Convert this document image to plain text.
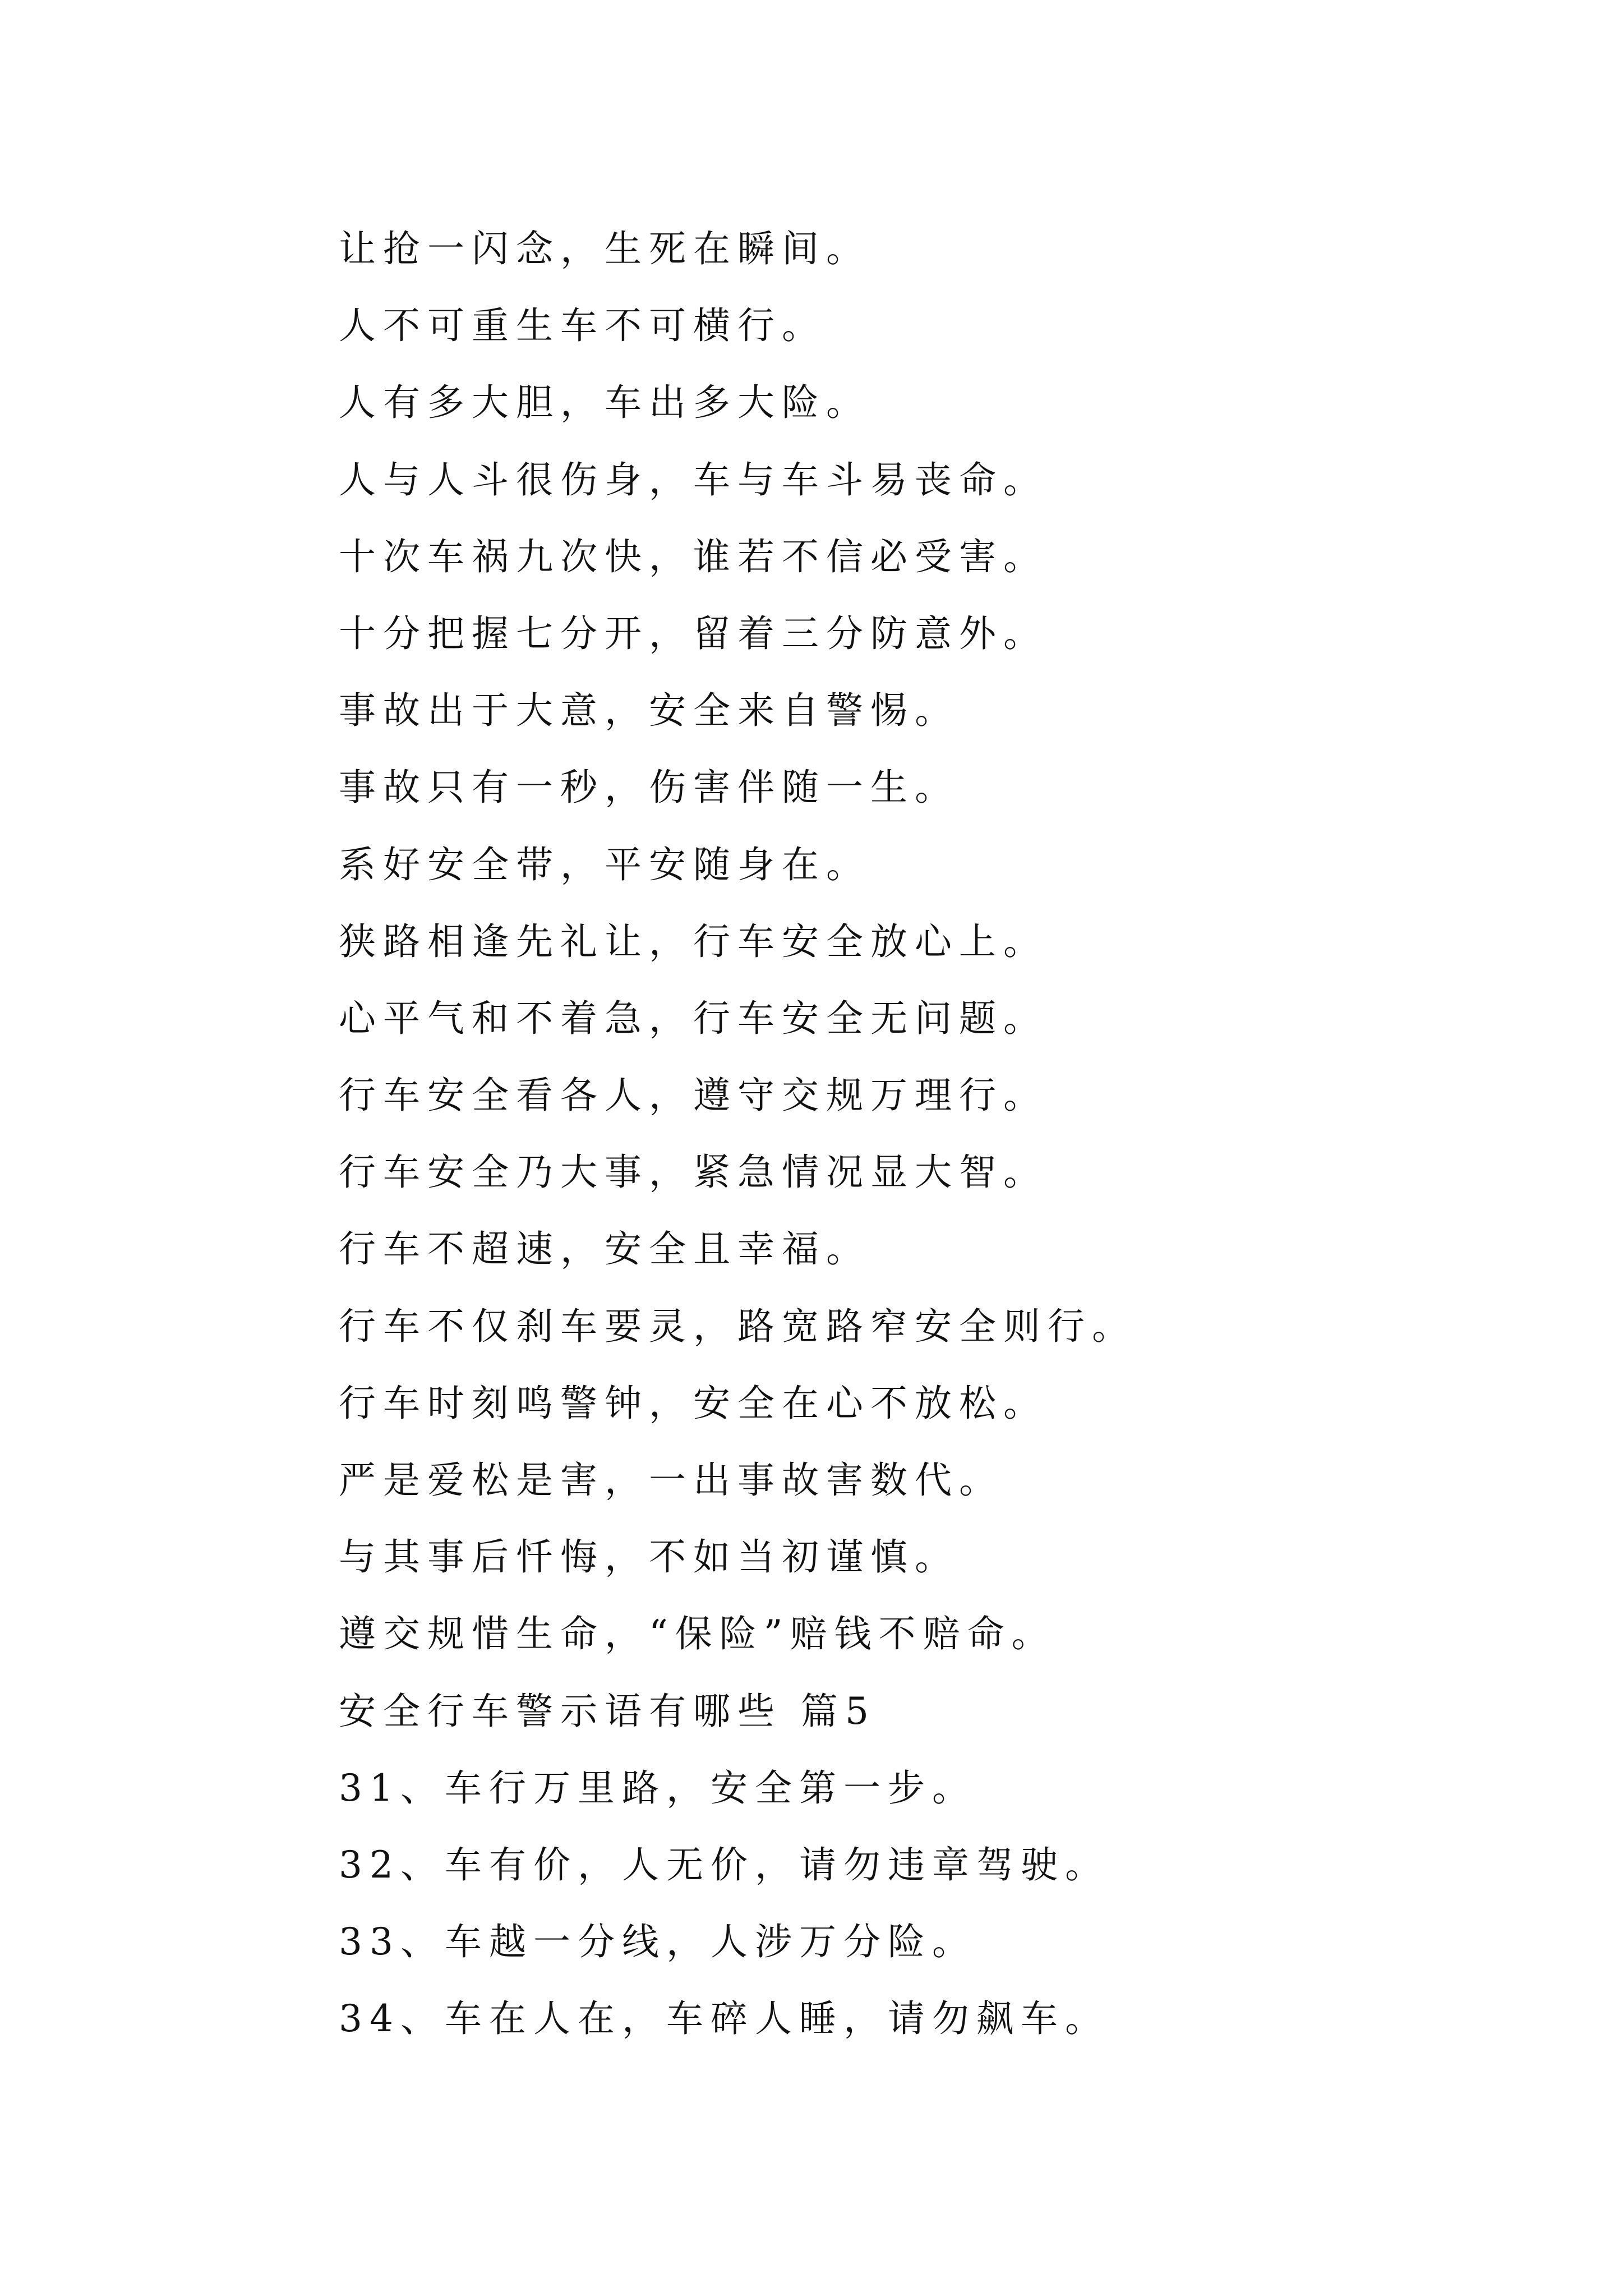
让抢一闪念，生死在瞬间。
人不可重生车不可横行。
人有多大胆，车出多大险。
人与人斗很伤身，车与车斗易丧命。
十次车祸九次快，谁若不信必受害。
十分把握七分开，留着三分防意外。
事故出于大意，安全来自警惕。
事故只有一秒，伤害伴随一生。
系好安全带，平安随身在。
狭路相逢先礼让，行车安全放心上。
心平气和不着急，行车安全无问题。
行车安全看各人，遵守交规万理行。
行车安全乃大事，紧急情况显大智。
行车不超速，安全且幸福。
行车不仅刹车要灵，路宽路窄安全则行。
行车时刻鸣警钟，安全在心不放松。
严是爱松是害，一出事故害数代。
与其事后忏悔，不如当初谨慎。
遵交规惜生命，“保险”赔钱不赔命。
安全行车警示语有哪些 篇5
31、车行万里路，安全第一步。
32、车有价，人无价，请勿违章驾驶。
33、车越一分线，人涉万分险。
34、车在人在，车碎人睡，请勿飙车。
